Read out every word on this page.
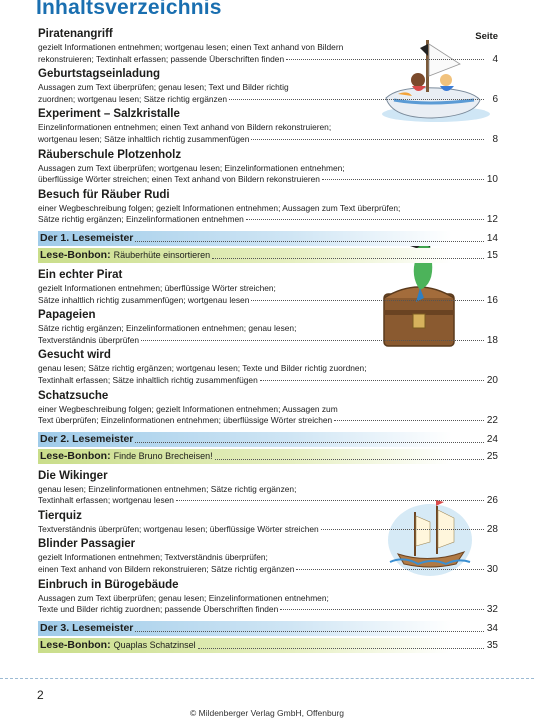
Inhaltsverzeichnis
Seite
Piratenangriff
gezielt Informationen entnehmen; wortgenau lesen; einen Text anhand von Bildern
rekonstruieren; Textinhalt erfassen; passende Überschriften finden	4
Geburtstagseinladung
Aussagen zum Text überprüfen; genau lesen; Text und Bilder richtig
zuordnen; wortgenau lesen; Sätze richtig ergänzen	6
Experiment – Salzkristalle
Einzelinformationen entnehmen; einen Text anhand von Bildern rekonstruieren;
wortgenau lesen; Sätze inhaltlich richtig zusammenfügen	8
Räuberschule Plotzenholz
Aussagen zum Text überprüfen; wortgenau lesen; Einzelinformationen entnehmen;
überflüssige Wörter streichen; einen Text anhand von Bildern rekonstruieren	10
Besuch für Räuber Rudi
einer Wegbeschreibung folgen; gezielt Informationen entnehmen; Aussagen zum Text überprüfen;
Sätze richtig ergänzen; Einzelinformationen entnehmen	12
Der 1. Lesemeister	14
Lese-Bonbon: Räuberhüte einsortieren	15
Ein echter Pirat
gezielt Informationen entnehmen; überflüssige Wörter streichen;
Sätze inhaltlich richtig zusammenfügen; wortgenau lesen	16
Papageien
Sätze richtig ergänzen; Einzelinformationen entnehmen; genau lesen;
Textverständnis überprüfen	18
Gesucht wird
genau lesen; Sätze richtig ergänzen; wortgenau lesen; Texte und Bilder richtig zuordnen;
Textinhalt erfassen; Sätze inhaltlich richtig zusammenfügen	20
Schatzsuche
einer Wegbeschreibung folgen; gezielt Informationen entnehmen; Aussagen zum
Text überprüfen; Einzelinformationen entnehmen; überflüssige Wörter streichen	22
Der 2. Lesemeister	24
Lese-Bonbon: Finde Bruno Brecheisen!	25
Die Wikinger
genau lesen; Einzelinformationen entnehmen; Sätze richtig ergänzen;
Textinhalt erfassen; wortgenau lesen	26
Tierquiz
Textverständnis überprüfen; wortgenau lesen; überflüssige Wörter streichen	28
Blinder Passagier
gezielt Informationen entnehmen; Textverständnis überprüfen;
einen Text anhand von Bildern rekonstruieren; Sätze richtig ergänzen	30
Einbruch in Bürogebäude
Aussagen zum Text überprüfen; genau lesen; Einzelinformationen entnehmen;
Texte und Bilder richtig zuordnen; passende Überschriften finden	32
Der 3. Lesemeister	34
Lese-Bonbon: Quaplas Schatzinsel	35
2
© Mildenberger Verlag GmbH, Offenburg
